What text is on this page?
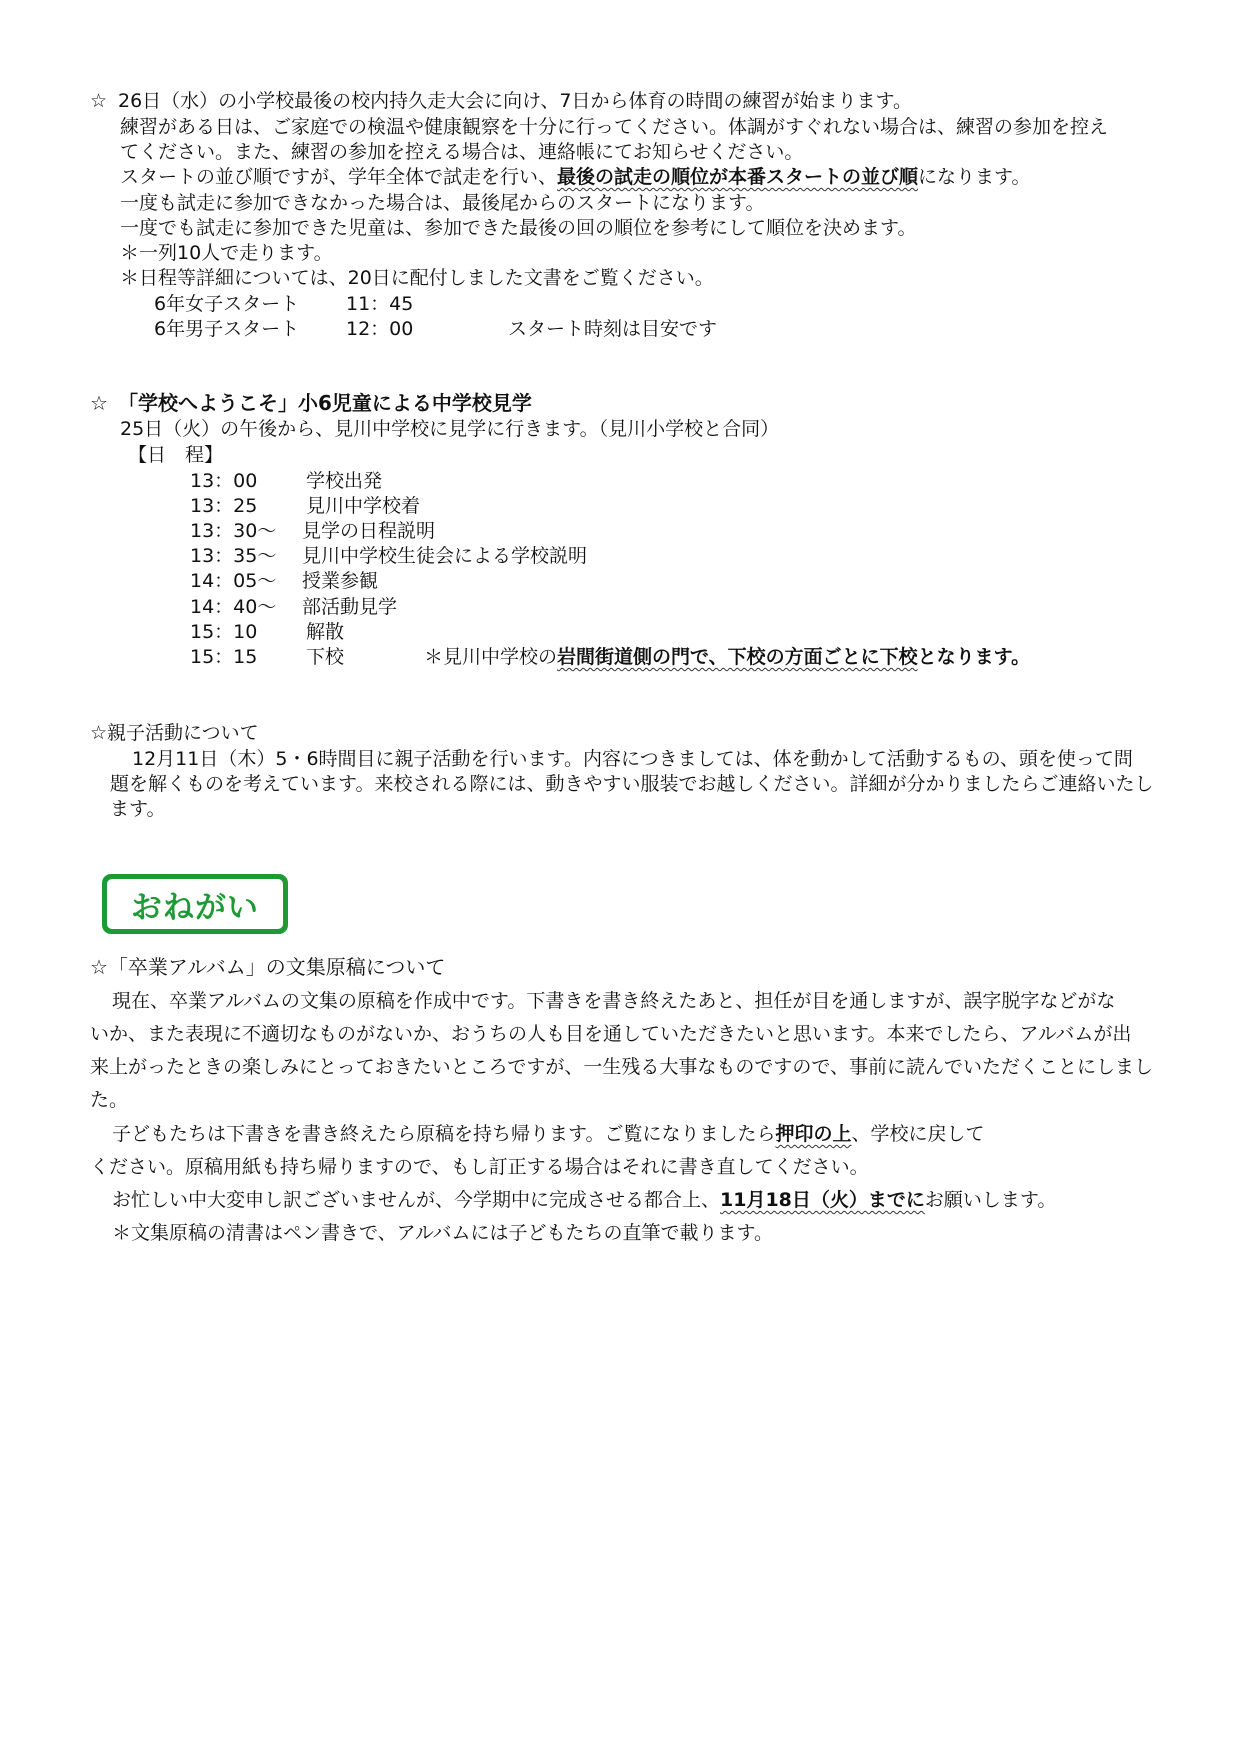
☆ 26日（水）の小学校最後の校内持久走大会に向け、7日から体育の時間の練習が始まります。
練習がある日は、ご家庭での検温や健康観察を十分に行ってください。体調がすぐれない場合は、練習の参加を控え
てください。また、練習の参加を控える場合は、連絡帳にてお知らせください。
スタートの並び順ですが、学年全体で試走を行い、最後の試走の順位が本番スタートの並び順になります。
一度も試走に参加できなかった場合は、最後尾からのスタートになります。
一度でも試走に参加できた児童は、参加できた最後の回の順位を参考にして順位を決めます。
＊一列10人で走ります。
＊日程等詳細については、20日に配付しました文書をご覧ください。
6年女子スタート 11：45
6年男子スタート 12：00	スタート時刻は目安です
☆ 「学校へようこそ」小6児童による中学校見学
25日（火）の午後から、見川中学校に見学に行きます。（見川小学校と合同）
【日　程】
13：00	学校出発
13：25	見川中学校着
13：30～ 見学の日程説明
13：35～ 見川中学校生徒会による学校説明
14：05～ 授業参観
14：40～ 部活動見学
15：10	解散
15：15	下校	＊見川中学校の岩間街道側の門で、下校の方面ごとに下校となります。
☆親子活動について
12月11日（木）5・6時間目に親子活動を行います。内容につきましては、体を動かして活動するもの、頭を使って問
題を解くものを考えています。来校される際には、動きやすい服装でお越しください。詳細が分かりましたらご連絡いたし
ます。
おねがい
☆「卒業アルバム」の文集原稿について
現在、卒業アルバムの文集の原稿を作成中です。下書きを書き終えたあと、担任が目を通しますが、誤字脱字などがな
いか、また表現に不適切なものがないか、おうちの人も目を通していただきたいと思います。本来でしたら、アルバムが出
来上がったときの楽しみにとっておきたいところですが、一生残る大事なものですので、事前に読んでいただくことにしまし
た。
子どもたちは下書きを書き終えたら原稿を持ち帰ります。ご覧になりましたら押印の上、学校に戻して
ください。原稿用紙も持ち帰りますので、もし訂正する場合はそれに書き直してください。
お忙しい中大変申し訳ございませんが、今学期中に完成させる都合上、11月18日（火）までにお願いします。
＊文集原稿の清書はペン書きで、アルバムには子どもたちの直筆で載ります。
